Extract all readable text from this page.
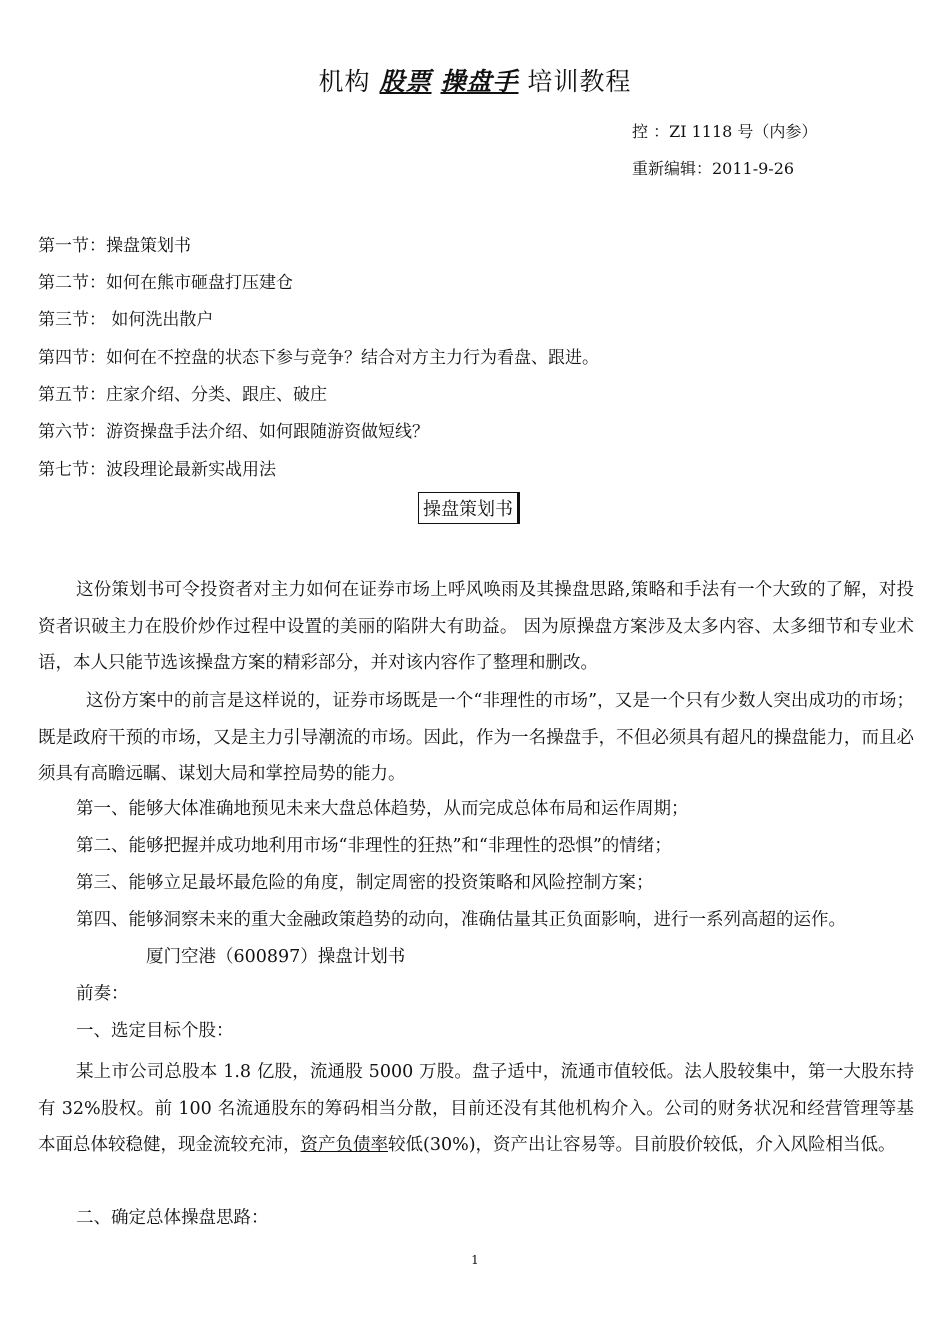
机构 股票 操盘手 培训教程
控 ：ZI 1118 号（内参）
重新编辑：2011-9-26
第一节：操盘策划书
第二节：如何在熊市砸盘打压建仓
第三节： 如何洗出散户
第四节：如何在不控盘的状态下参与竞争？结合对方主力行为看盘、跟进。
第五节：庄家介绍、分类、跟庄、破庄
第六节：游资操盘手法介绍、如何跟随游资做短线？
第七节：波段理论最新实战用法
操盘策划书
这份策划书可令投资者对主力如何在证券市场上呼风唤雨及其操盘思路,策略和手法有一个大致的了解，对投资者识破主力在股价炒作过程中设置的美丽的陷阱大有助益。 因为原操盘方案涉及太多内容、太多细节和专业术语，本人只能节选该操盘方案的精彩部分，并对该内容作了整理和删改。
这份方案中的前言是这样说的，证券市场既是一个“非理性的市场”，又是一个只有少数人突出成功的市场；既是政府干预的市场，又是主力引导潮流的市场。因此，作为一名操盘手，不但必须具有超凡的操盘能力，而且必须具有高瞻远瞩、谋划大局和掌控局势的能力。
第一、能够大体准确地预见未来大盘总体趋势，从而完成总体布局和运作周期；
第二、能够把握并成功地利用市场“非理性的狂热”和“非理性的恐惧”的情绪；
第三、能够立足最坏最危险的角度，制定周密的投资策略和风险控制方案；
第四、能够洞察未来的重大金融政策趋势的动向，准确估量其正负面影响，进行一系列高超的运作。
厦门空港（600897）操盘计划书
前奏：
一、选定目标个股：
某上市公司总股本 1.8 亿股，流通股 5000 万股。盘子适中，流通市值较低。法人股较集中，第一大股东持有 32%股权。前 100 名流通股东的筹码相当分散，目前还没有其他机构介入。公司的财务状况和经营管理等基本面总体较稳健，现金流较充沛，资产负债率较低(30%)，资产出让容易等。目前股价较低，介入风险相当低。
二、确定总体操盘思路：
1
